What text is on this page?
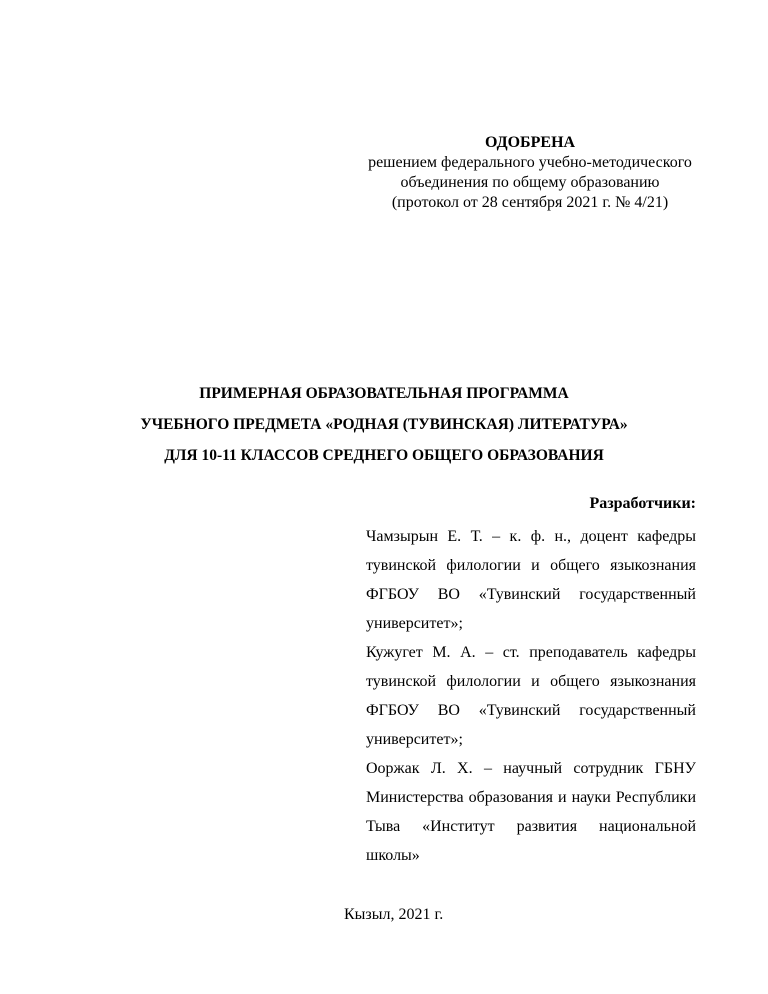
ОДОБРЕНА
решением федерального учебно-методического
объединения по общему образованию
(протокол от 28 сентября 2021 г. № 4/21)
ПРИМЕРНАЯ ОБРАЗОВАТЕЛЬНАЯ ПРОГРАММА
УЧЕБНОГО ПРЕДМЕТА «РОДНАЯ (ТУВИНСКАЯ) ЛИТЕРАТУРА»
ДЛЯ 10-11 КЛАССОВ СРЕДНЕГО ОБЩЕГО ОБРАЗОВАНИЯ
Разработчики:
Чамзырын Е. Т. – к. ф. н., доцент кафедры тувинской филологии и общего языкознания ФГБОУ ВО «Тувинский государственный университет»;
Кужугет М. А. – ст. преподаватель кафедры тувинской филологии и общего языкознания ФГБОУ ВО «Тувинский государственный университет»;
Ооржак Л. Х. – научный сотрудник ГБНУ Министерства образования и науки Республики Тыва «Институт развития национальной школы»
Кызыл, 2021 г.
